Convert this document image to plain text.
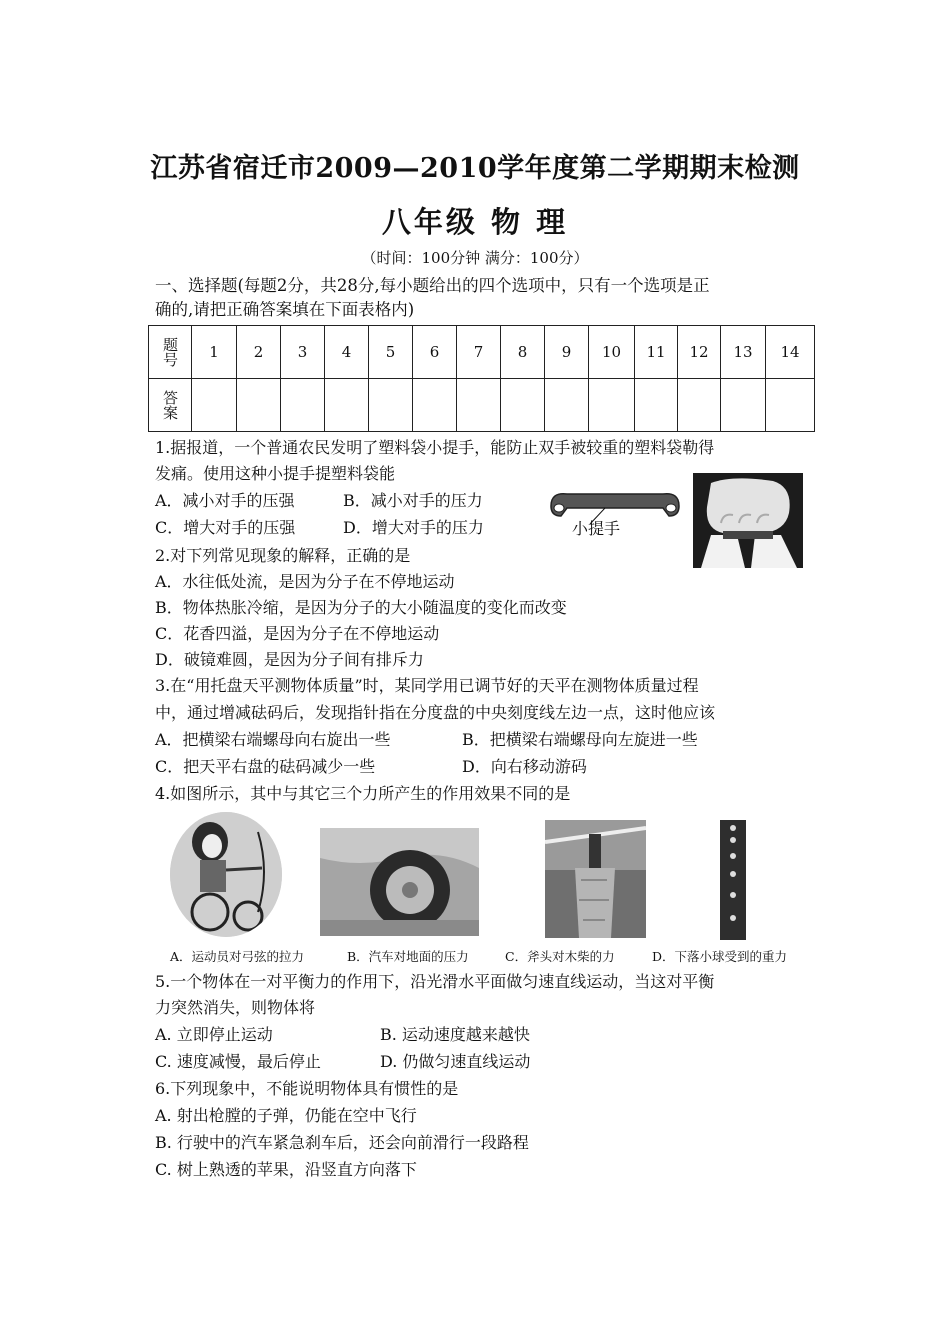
江苏省宿迁市2009—2010学年度第二学期期末检测
八年级 物 理
（时间：100分钟 满分：100分）
一、选择题(每题2分，共28分,每小题给出的四个选项中，只有一个选项是正
确的,请把正确答案填在下面表格内)
题号	1	2	3	4	5	6	7	8	9	10	11	12	13	14
答案														
1.据报道，一个普通农民发明了塑料袋小提手，能防止双手被较重的塑料袋勒得
发痛。使用这种小提手提塑料袋能
A．减小对手的压强	B．减小对手的压力
C．增大对手的压强	D．增大对手的压力	小提手
2.对下列常见现象的解释，正确的是
A．水往低处流，是因为分子在不停地运动
B．物体热胀冷缩，是因为分子的大小随温度的变化而改变
C．花香四溢，是因为分子在不停地运动
D．破镜难圆，是因为分子间有排斥力
3.在“用托盘天平测物体质量”时，某同学用已调节好的天平在测物体质量过程
中，通过增减砝码后，发现指针指在分度盘的中央刻度线左边一点，这时他应该
A．把横梁右端螺母向右旋出一些	B．把横梁右端螺母向左旋进一些
C．把天平右盘的砝码减少一些	D．向右移动游码
4.如图所示，其中与其它三个力所产生的作用效果不同的是
A．运动员对弓弦的拉力	B．汽车对地面的压力	C．斧头对木柴的力	D．下落小球受到的重力
5.一个物体在一对平衡力的作用下，沿光滑水平面做匀速直线运动，当这对平衡
力突然消失，则物体将
A. 立即停止运动	B. 运动速度越来越快
C. 速度减慢，最后停止	D. 仍做匀速直线运动
6.下列现象中，不能说明物体具有惯性的是
A. 射出枪膛的子弹，仍能在空中飞行
B. 行驶中的汽车紧急刹车后，还会向前滑行一段路程
C. 树上熟透的苹果，沿竖直方向落下
